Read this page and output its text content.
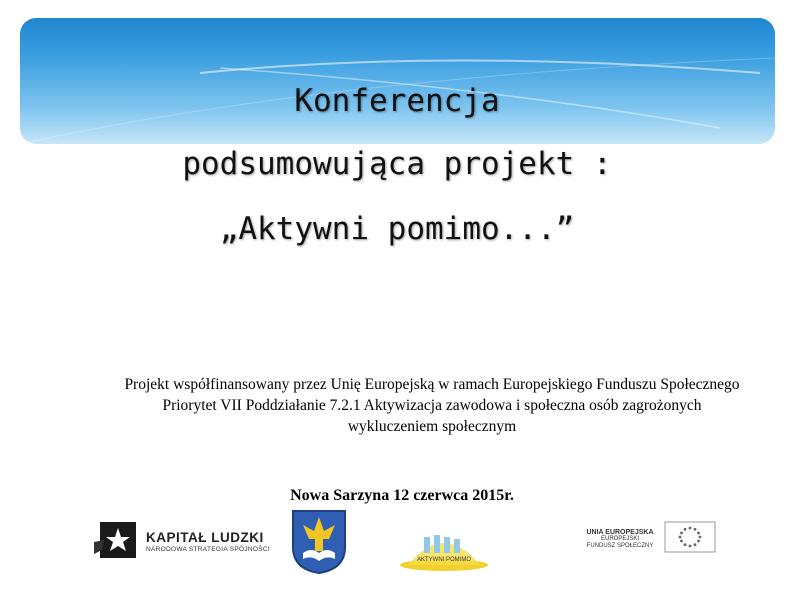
Konferencja
podsumowująca projekt :
„Aktywni pomimo...”
Projekt współfinansowany przez Unię Europejską w ramach Europejskiego Funduszu Społecznego
Priorytet VII Poddziałanie 7.2.1 Aktywizacja zawodowa i społeczna osób zagrożonych
wykluczeniem społecznym
Nowa Sarzyna 12 czerwca 2015r.
KAPITAŁ LUDZKI
NARODOWA STRATEGIA SPÓJNOŚCI
AKTYWNI POMIMO
UNIA EUROPEJSKA
EUROPEJSKI
FUNDUSZ SPOŁECZNY
